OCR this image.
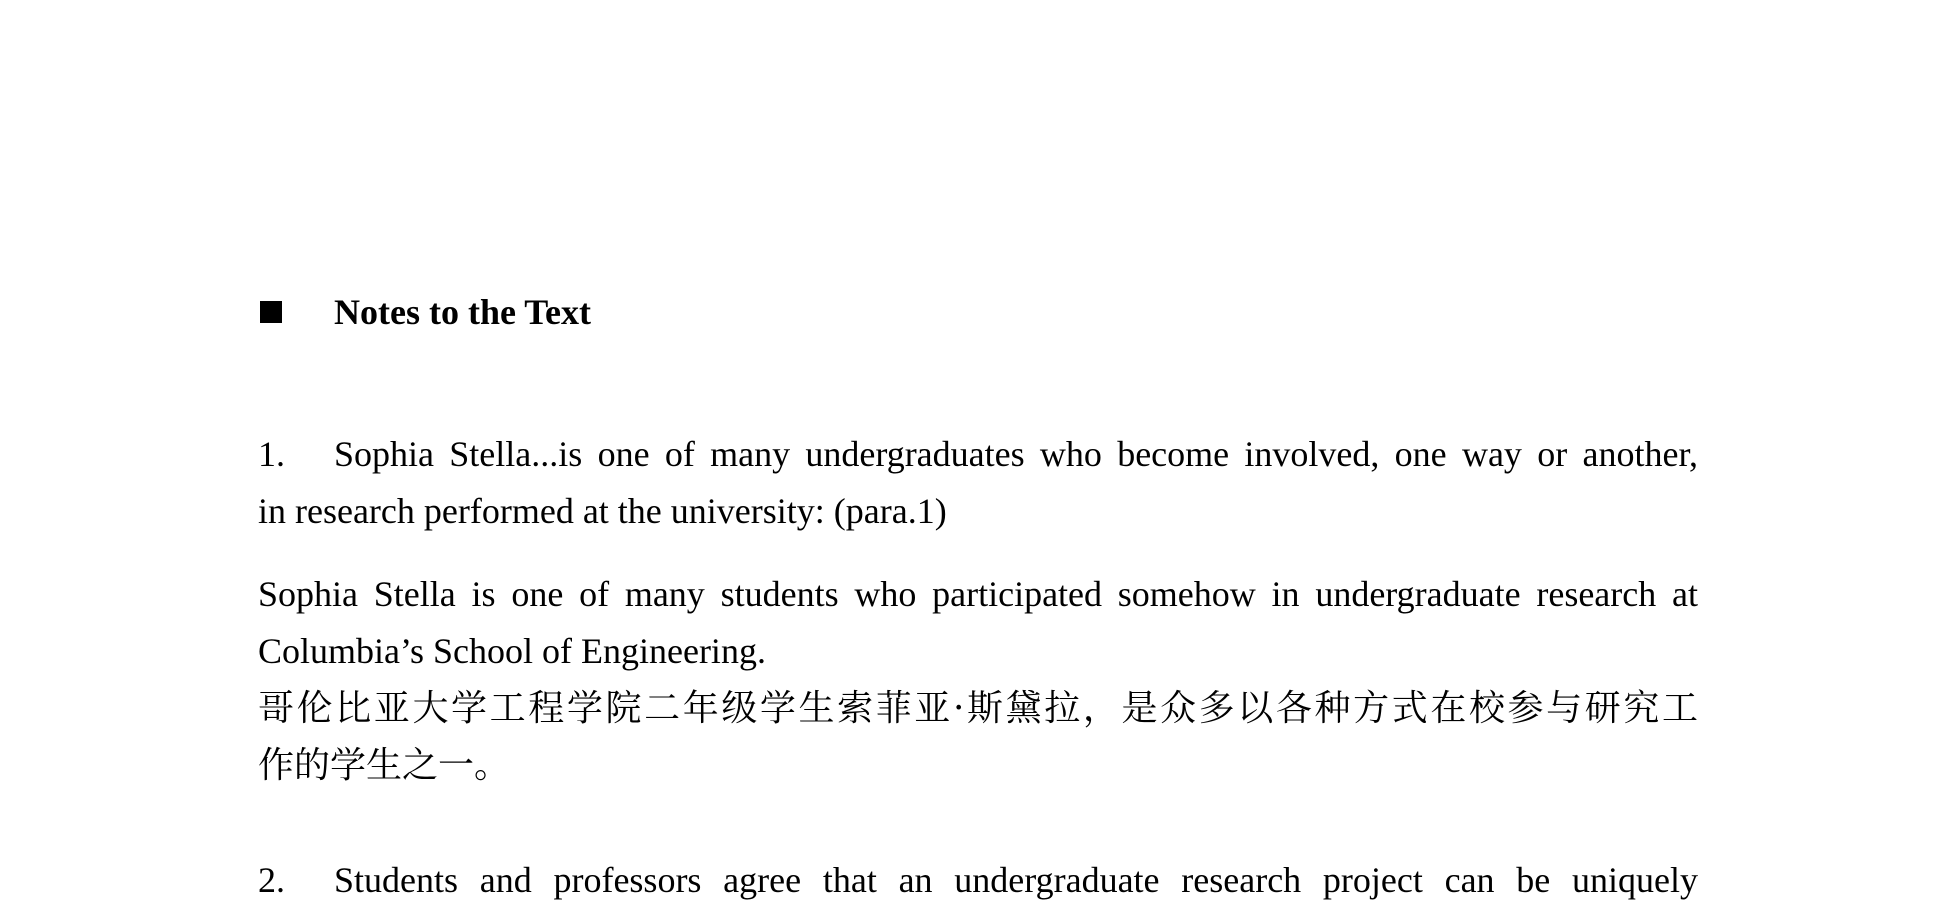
Notes to the Text
1.	Sophia Stella...is one of many undergraduates who become involved, one way or another,
in research performed at the university: (para.1)
Sophia Stella is one of many students who participated somehow in undergraduate research at
Columbia’s School of Engineering.
哥伦比亚大学工程学院二年级学生索菲亚·斯黛拉，是众多以各种方式在校参与研究工
作的学生之一。
2.	Students and professors agree that an undergraduate research project can be uniquely
